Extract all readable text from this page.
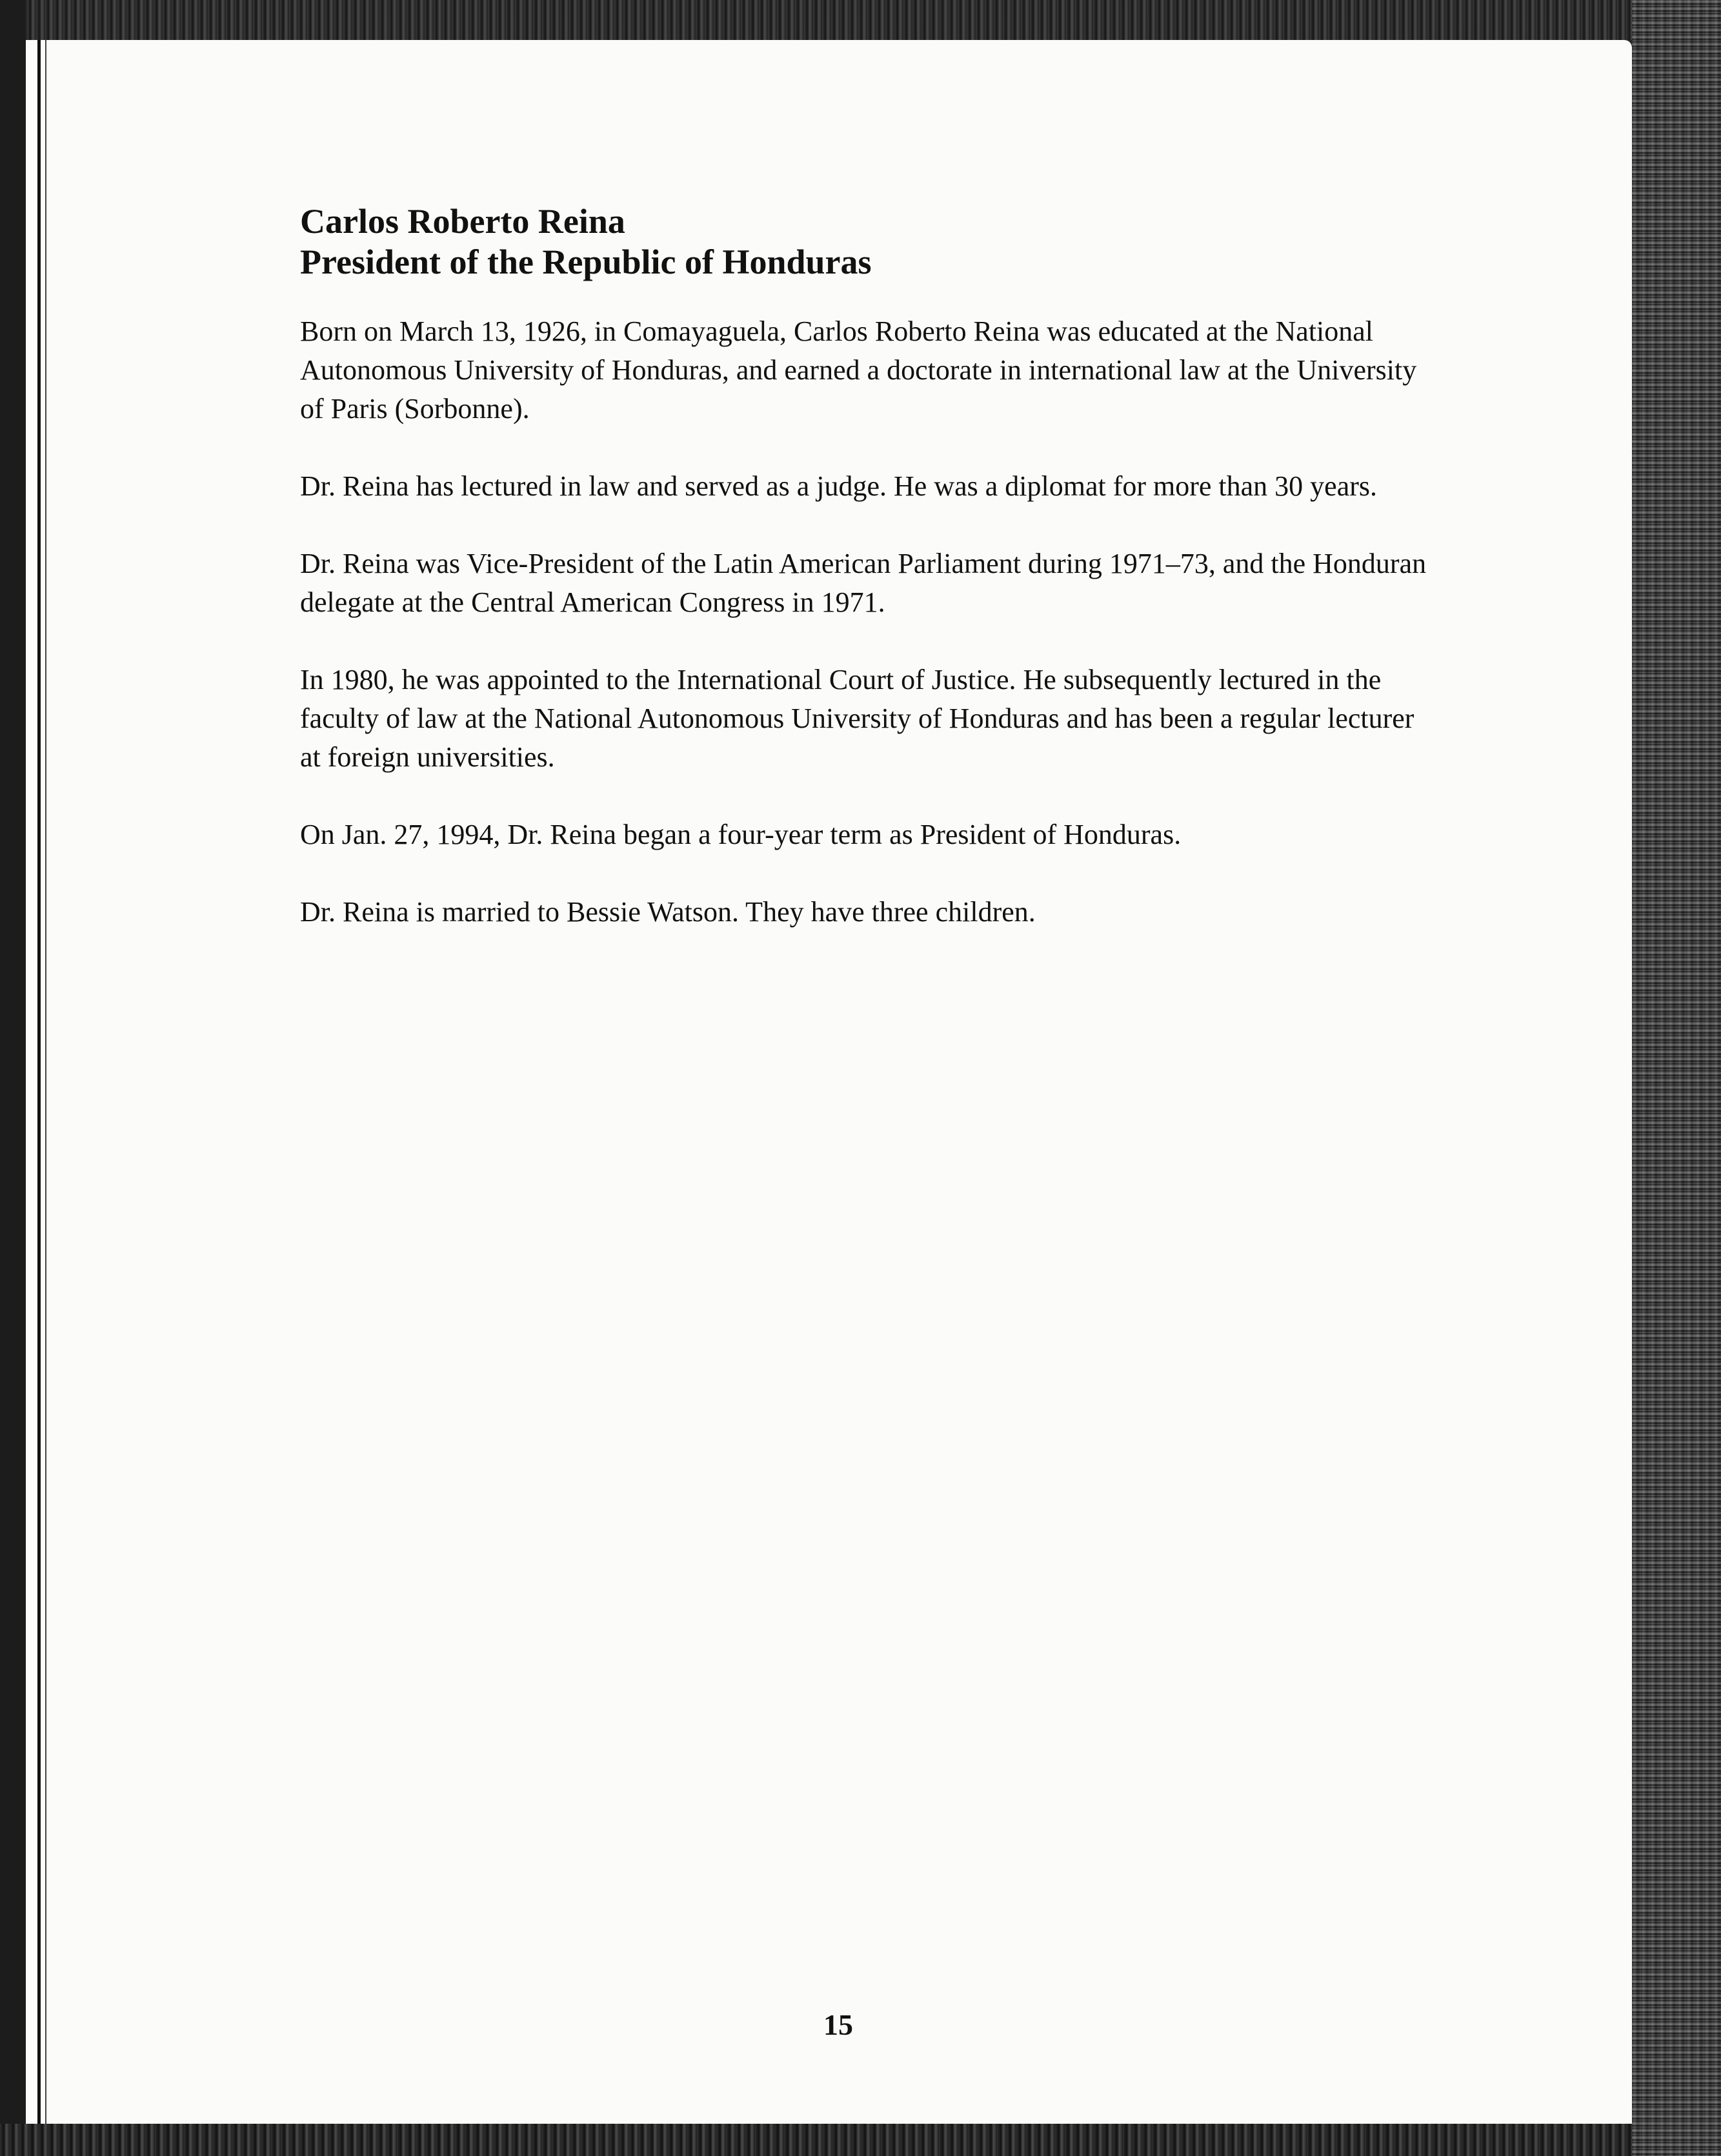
Carlos Roberto Reina
President of the Republic of Honduras

Born on March 13, 1926, in Comayaguela, Carlos Roberto Reina was educated at the National Autonomous University of Honduras, and earned a doctorate in international law at the University of Paris (Sorbonne).

Dr. Reina has lectured in law and served as a judge. He was a diplomat for more than 30 years.

Dr. Reina was Vice-President of the Latin American Parliament during 1971–73, and the Honduran delegate at the Central American Congress in 1971.

In 1980, he was appointed to the International Court of Justice. He subsequently lectured in the faculty of law at the National Autonomous University of Honduras and has been a regular lecturer at foreign universities.

On Jan. 27, 1994, Dr. Reina began a four-year term as President of Honduras.

Dr. Reina is married to Bessie Watson. They have three children.

15
